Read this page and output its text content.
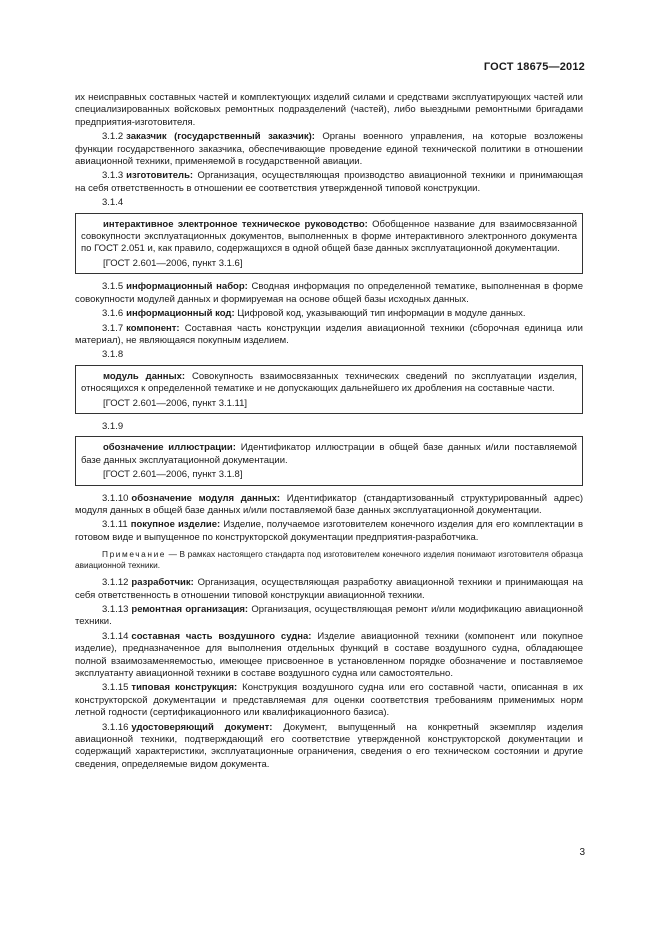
ГОСТ 18675—2012

их неисправных составных частей и комплектующих изделий силами и средствами эксплуатирующих частей или специализированных войсковых ремонтных подразделений (частей), либо выездными ремонтными бригадами предприятия-изготовителя.

3.1.2 заказчик (государственный заказчик): Органы военного управления, на которые возложены функции государственного заказчика, обеспечивающие проведение единой технической политики в отношении авиационной техники, применяемой в государственной авиации.

3.1.3 изготовитель: Организация, осуществляющая производство авиационной техники и принимающая на себя ответственность в отношении ее соответствия утвержденной типовой конструкции.

3.1.4

интерактивное электронное техническое руководство: Обобщенное название для взаимосвязанной совокупности эксплуатационных документов, выполненных в форме интерактивного электронного документа по ГОСТ 2.051 и, как правило, содержащихся в одной общей базе данных эксплуатационной документации.

[ГОСТ 2.601—2006, пункт 3.1.6]

3.1.5 информационный набор: Сводная информация по определенной тематике, выполненная в форме совокупности модулей данных и формируемая на основе общей базы исходных данных.

3.1.6 информационный код: Цифровой код, указывающий тип информации в модуле данных.

3.1.7 компонент: Составная часть конструкции изделия авиационной техники (сборочная единица или материал), не являющаяся покупным изделием.

3.1.8

модуль данных: Совокупность взаимосвязанных технических сведений по эксплуатации изделия, относящихся к определенной тематике и не допускающих дальнейшего их дробления на составные части.

[ГОСТ 2.601—2006, пункт 3.1.11]
3.1.9

обозначение иллюстрации: Идентификатор иллюстрации в общей базе данных и/или поставляемой базе данных эксплуатационной документации.

[ГОСТ 2.601—2006, пункт 3.1.8]

3.1.10 обозначение модуля данных: Идентификатор (стандартизованный структурированный адрес) модуля данных в общей базе данных и/или поставляемой базе данных эксплуатационной документации.

3.1.11 покупное изделие: Изделие, получаемое изготовителем конечного изделия для его комплектации в готовом виде и выпущенное по конструкторской документации предприятия-разработчика.

Примечание — В рамках настоящего стандарта под изготовителем конечного изделия понимают изготовителя образца авиационной техники.

3.1.12 разработчик: Организация, осуществляющая разработку авиационной техники и принимающая на себя ответственность в отношении типовой конструкции авиационной техники.

3.1.13 ремонтная организация: Организация, осуществляющая ремонт и/или модификацию авиационной техники.

3.1.14 составная часть воздушного судна: Изделие авиационной техники (компонент или покупное изделие), предназначенное для выполнения отдельных функций в составе воздушного судна, обладающее полной взаимозаменяемостью, имеющее присвоенное в установленном порядке обозначение и поставляемое эксплуатанту авиационной техники в составе воздушного судна или самостоятельно.

3.1.15 типовая конструкция: Конструкция воздушного судна или его составной части, описанная в их конструкторской документации и представляемая для оценки соответствия требованиям применимых норм летной годности (сертификационного или квалификационного базиса).

3.1.16 удостоверяющий документ: Документ, выпущенный на конкретный экземпляр изделия авиационной техники, подтверждающий его соответствие утвержденной конструкторской документации и содержащий характеристики, эксплуатационные ограничения, сведения о его техническом состоянии и другие сведения, определяемые видом документа.

3
